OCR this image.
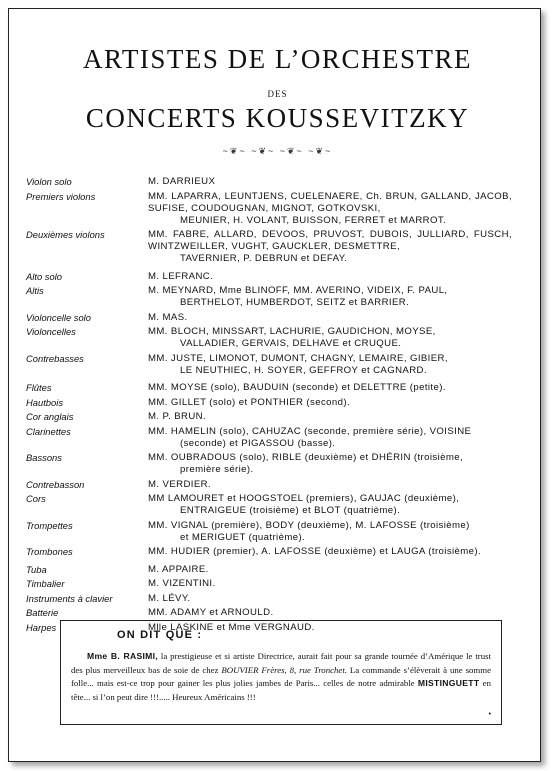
ARTISTES DE L’ORCHESTRE
DES
CONCERTS KOUSSEVITZKY
~❦~ ~❦~ ~❦~ ~❦~
Violon solo	M. DARRIEUX
Premiers violons	MM. LAPARRA, LEUNTJENS, CUELENAERE, Ch. BRUN, GALLAND, JACOB, SUFISE, COUDOUGNAN, MIGNOT, GOTKOVSKI,
MEUNIER, H. VOLANT, BUISSON, FERRET et MARROT.
Deuxièmes violons	MM. FABRE, ALLARD, DEVOOS, PRUVOST, DUBOIS, JULLIARD, FUSCH, WINTZWEILLER, VUGHT, GAUCKLER, DESMETTRE,
TAVERNIER, P. DEBRUN et DEFAY.
Alto solo	M. LEFRANC.
Altis	M. MEYNARD, Mme BLINOFF, MM. AVERINO, VIDEIX, F. PAUL,
BERTHELOT, HUMBERDOT, SEITZ et BARRIER.
Violoncelle solo	M. MAS.
Violoncelles	MM. BLOCH, MINSSART, LACHURIE, GAUDICHON, MOYSE,
VALLADIER, GERVAIS, DELHAVE et CRUQUE.
Contrebasses	MM. JUSTE, LIMONOT, DUMONT, CHAGNY, LEMAIRE, GIBIER,
LE NEUTHIEC, H. SOYER, GEFFROY et CAGNARD.
Flûtes	MM. MOYSE (solo), BAUDUIN (seconde) et DELETTRE (petite).
Hautbois	MM. GILLET (solo) et PONTHIER (second).
Cor anglais	M. P. BRUN.
Clarinettes	MM. HAMELIN (solo), CAHUZAC (seconde, première série), VOISINE
(seconde) et PIGASSOU (basse).
Bassons	MM. OUBRADOUS (solo), RIBLE (deuxième) et DHÉRIN (troisième,
première série).
Contrebasson	M. VERDIER.
Cors	MM LAMOURET et HOOGSTOEL (premiers), GAUJAC (deuxième),
ENTRAIGEUE (troisième) et BLOT (quatrième).
Trompettes	MM. VIGNAL (première), BODY (deuxième), M. LAFOSSE (troisième)
et MERIGUET (quatrième).
Trombones	MM. HUDIER (premier), A. LAFOSSE (deuxième) et LAUGA (troisième).
Tuba	M. APPAIRE.
Timbalier	M. VIZENTINI.
Instruments à clavier	M. LÉVY.
Batterie	MM. ADAMY et ARNOULD.
Harpes	Mlle LASKINE et Mme VERGNAUD.
ON DIT QUE :
Mme B. RASIMI, la prestigieuse et si artiste Directrice, aurait fait pour sa grande tournée d’Amérique le trust des plus merveilleux bas de soie de chez BOUVIER Frères, 8, rue Tronchet. La commande s’élèverait à une somme folle... mais est-ce trop pour gainer les plus jolies jambes de Paris... celles de notre admirable MISTINGUETT en tête... si l’on peut dire !!!..... Heureux Américains !!!
•
